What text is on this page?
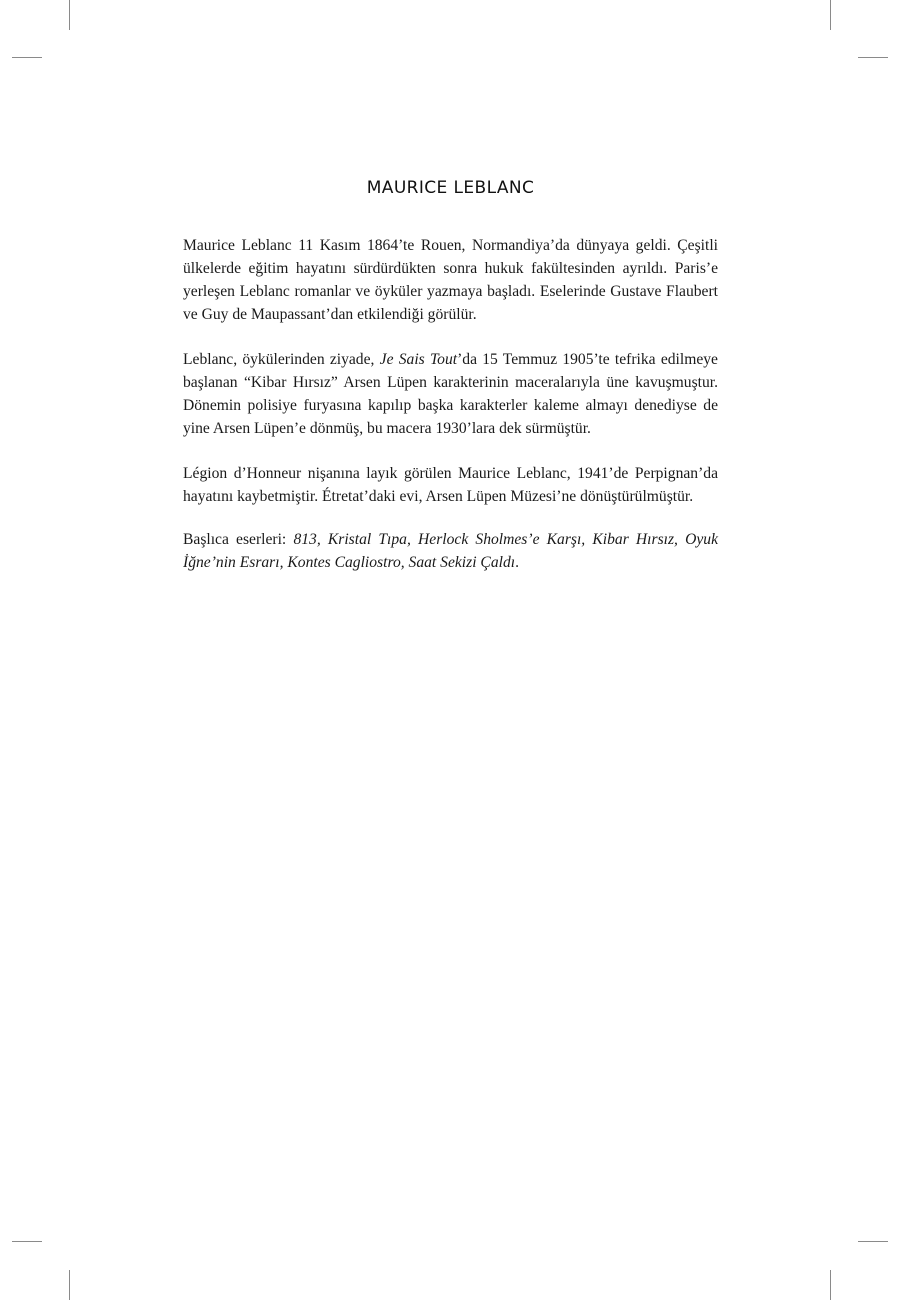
MAURICE LEBLANC

Maurice Leblanc 11 Kasım 1864’te Rouen, Normandiya’da dünyaya geldi. Çeşitli ülkelerde eğitim hayatını sürdürdükten sonra hukuk fakültesinden ayrıldı. Paris’e yerleşen Leblanc romanlar ve öyküler yazmaya başladı. Eselerinde Gustave Flaubert ve Guy de Maupassant’dan etkilendiği görülür.

Leblanc, öykülerinden ziyade, Je Sais Tout’da 15 Temmuz 1905’te tefrika edilmeye başlanan “Kibar Hırsız” Arsen Lüpen karakterinin maceralarıyla üne kavuşmuştur. Dönemin polisiye furyasına kapılıp başka karakterler kaleme almayı denediyse de yine Arsen Lüpen’e dönmüş, bu macera 1930’lara dek sürmüştür.

Légion d’Honneur nişanına layık görülen Maurice Leblanc, 1941’de Perpignan’da hayatını kaybetmiştir. Étretat’daki evi, Arsen Lüpen Müzesi’ne dönüştürülmüştür.

Başlıca eserleri: 813, Kristal Tıpa, Herlock Sholmes’e Karşı, Kibar Hırsız, Oyuk İğne’nin Esrarı, Kontes Cagliostro, Saat Sekizi Çaldı.
